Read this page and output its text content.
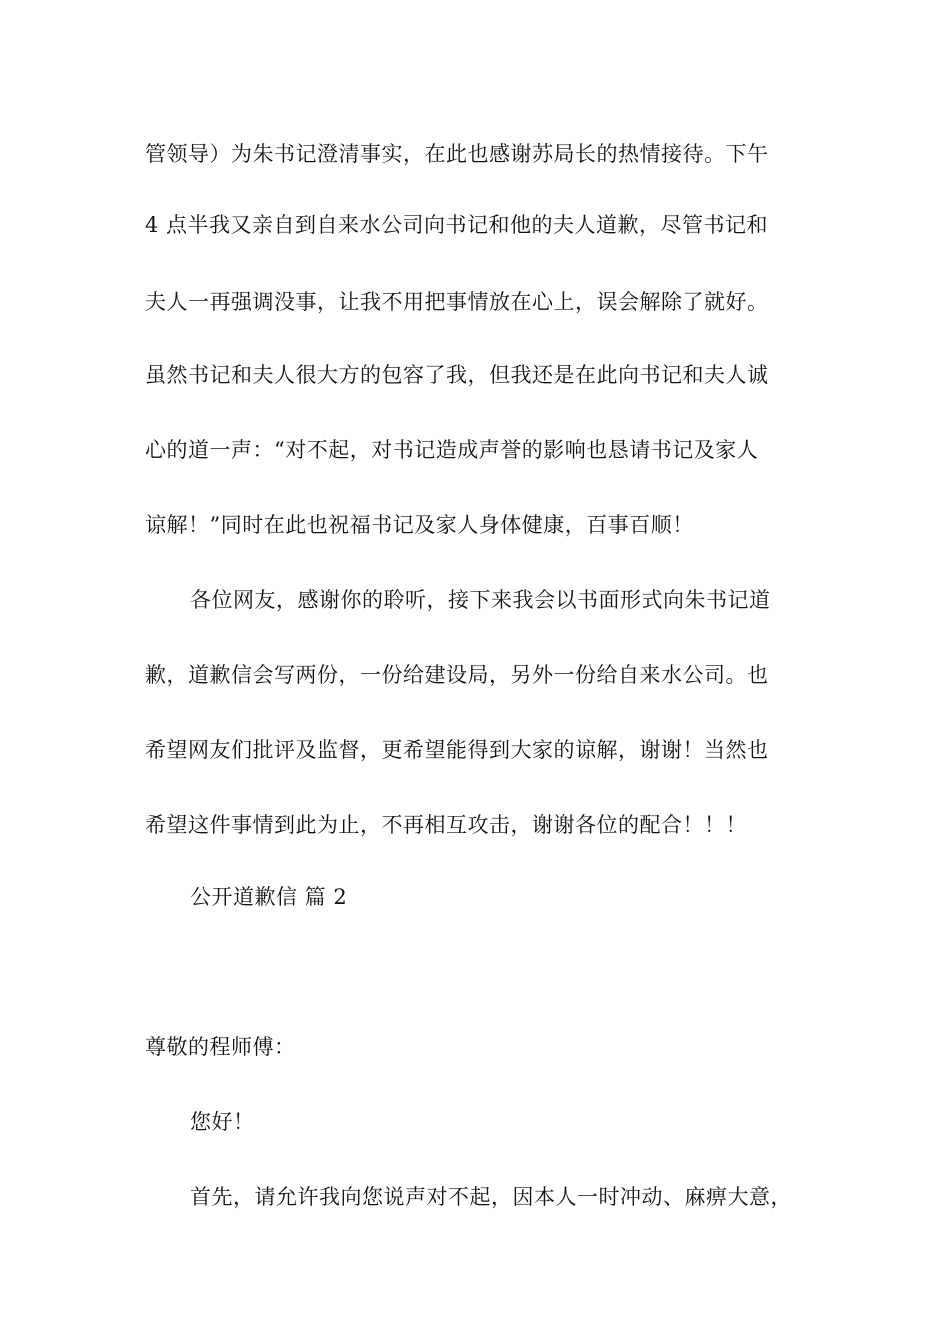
管领导）为朱书记澄清事实，在此也感谢苏局长的热情接待。下午
4 点半我又亲自到自来水公司向书记和他的夫人道歉，尽管书记和
夫人一再强调没事，让我不用把事情放在心上，误会解除了就好。
虽然书记和夫人很大方的包容了我，但我还是在此向书记和夫人诚
心的道一声：“对不起，对书记造成声誉的影响也恳请书记及家人
谅解！”同时在此也祝福书记及家人身体健康，百事百顺！
各位网友，感谢你的聆听，接下来我会以书面形式向朱书记道
歉，道歉信会写两份，一份给建设局，另外一份给自来水公司。也
希望网友们批评及监督，更希望能得到大家的谅解，谢谢！当然也
希望这件事情到此为止，不再相互攻击，谢谢各位的配合！！！
公开道歉信 篇 2
尊敬的程师傅：
您好！
首先，请允许我向您说声对不起，因本人一时冲动、麻痹大意，
